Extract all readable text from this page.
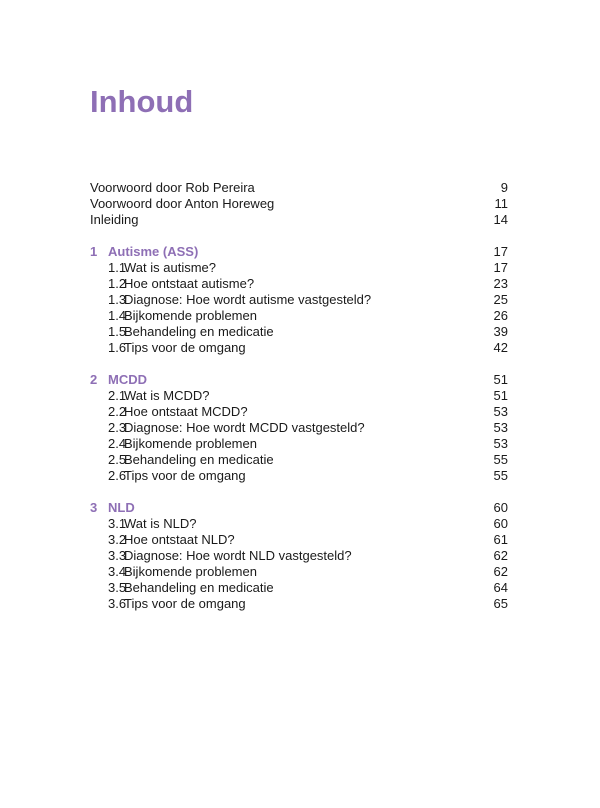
Inhoud
Voorwoord door Rob Pereira	9
Voorwoord door Anton Horeweg	11
Inleiding	14
1 Autisme (ASS)	17
1.1Wat is autisme?	17
1.2Hoe ontstaat autisme?	23
1.3Diagnose: Hoe wordt autisme vastgesteld?	25
1.4Bijkomende problemen	26
1.5Behandeling en medicatie	39
1.6Tips voor de omgang	42
2 MCDD	51
2.1Wat is MCDD?	51
2.2Hoe ontstaat MCDD?	53
2.3Diagnose: Hoe wordt MCDD vastgesteld?	53
2.4Bijkomende problemen	53
2.5Behandeling en medicatie	55
2.6Tips voor de omgang	55
3 NLD	60
3.1Wat is NLD?	60
3.2Hoe ontstaat NLD?	61
3.3Diagnose: Hoe wordt NLD vastgesteld?	62
3.4Bijkomende problemen	62
3.5Behandeling en medicatie	64
3.6Tips voor de omgang	65
